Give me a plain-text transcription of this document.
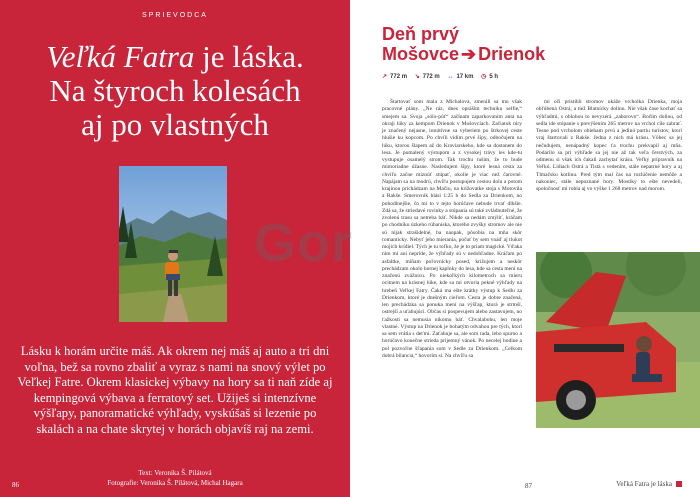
SPRIEVODCA
Veľká Fatra je láska.
Na štyroch kolesách
aj po vlastných

Lásku k horám určite máš. Ak okrem nej máš aj auto a tri dni voľna, bež sa rovno zbaliť a vyraz s nami na snový výlet po Veľkej Fatre. Okrem klasickej výbavy na hory sa ti naň zíde aj kempingová výbava a ferratový set. Užiješ si intenzívne výšľapy, panoramatické výhľady, vyskúšaš si lezenie po skalách a na chate skrytej v horách objavíš raj na zemi.

Text: Veronika Š. Pilátová
Fotografie: Veronika Š. Pilátová, Michal Hagara
86
Deň prvý
Mošovce ➔ Drienok
↗ 772 m ↘ 772 m ↔ 17 km ◷ 5 h

Štartovať som mala z Michalova, zmenili sa mu však pracovné plány. „Ne ráz, dnes opráším techniku selfie,“ smejem sa. Svoja „sólo-púť“ začínam zaparkovaním auta na okraji lúky za kempom Drienok v Mošovciach. Začiatok túry je značený nejasne, intuitívne sa vyberiem po štrkovej ceste hlušie ku kopcom. Po chvíli vidím prvé šípy, odbočujem na lúku, ktorou šlapem až do Kraviarskeho, kde sa dostanem do lesa. Je pomalený výstupom a z vysokej trávy les kde-tu vystupuje osamelý strom. Tak trochu tušim, že to bude mimoriadne úžasne. Nasledujem šípy, ktoré lesná cesta za chvíľu začne miznúť stúpať, okolie je viac než čarovné. Napájam sa na modrú, chvíľu postupujem cestou dolu a potom krajinou prichádzam na Mačiu, na križovatke stoja s Motovila a Rakše. Smerovník hlási 1:25 h do Sedla za Drienkom, no pohodlnejšie, čo mi to v tejto horúčave nebude trvať dlhšie. Zdá sa, že striedavé rovinky a stúpania sú také zvládnuteľné, že zvolenú trasu sa netreba báť. Nikde sa nedám zmýliť, kráčam po chodníku úzkeho rúbaniska, ktorého zvyšky stromov ale nie sú nijak strašidelné, ba naopak, pôsobia na mňa skôr romanticky. Nebyť jeho mierania, počuť by sem vnáď aj tlukot mojich krídiel. Tých je tu toľko, že je to priam magické. Vďaka nim mi ani nepríde, že výhľady sú v nedohľadne. Kráčam po asfaltke, míňam poľovnícky posed, križujem a neskôr prechádzam okolo hornej kaplnky do lesa, kde sa cesta mení na značenú zvážnicu. Po niekoľkých kilometroch sa mieru ocitnem na krásnej lúke, kde sa mi otvoria pekné výhľady na hrebeň Veľkej Fatry. Čaká ma ešte krátky výstup k Sedlu za Drienkom, ktoré je dnešným cieľom. Cesta je dobre značená, len prechádzka sa ponuka mení na výšľap, ktorá je strmší, ostrejší a uťahujúci. Občas si pospevujem alebo zastavujem, no ťažkosti sa nemusia nikomu báť. Chvalabohu, len moje vlastné. Výstup na Drienok je bohatým odvahou pre tých, ktorí sa sem vrátia s deťmi. Zaťahuje sa, ale som rada, lebo spurno a horúčavo konečne strieda prijemný vánok. Po necelej hodine a pol pozvoľne šľapania som v Sedle za Drienkom. „Celkom dobrá bilancia,“ hovorím si. Na chvíľu sa

mi oči pristihli stromov ukáže vrcholka Drienka, moja obľúbená Ostrá, a tiež Blatnícky dolinu. Nie však čase kochať sa výhľadmi, s oblohou to nevyzerá „zaborovo“. Bočím dolinu, od sedla ide stúpanie s prevýšením 265 metrov na vrchol cíle zabrať. Tesne pod vrcholom obieham prvú a jedinú partiu turistov, ktorí vraj štartovali z Rakše. Jedna z nich má krásu. Vôbec sa jej nečudujem, nenápadný kopec ťa trochu prekvapil aj mňa. Podarilo sa pri výhľade sa jej nie až tak veľa čerstvých, za odmenu si však ich čakali zachytať krásu. Veľký prípravník na Veľkú. Lídiach Ostrá a Tlstá s vedením, stále nepatrné hory a aj Tlmačsku kotlinu. Pred tým mal čas na rozlúčenie nemôže a nakoniec, stále nepoznané hory. Mostíky to ešte nevedeli, spoločnosť mi robia aj vo výške 1 268 metrov nad morom.

87	Veľká Fatra je láska
Gor
